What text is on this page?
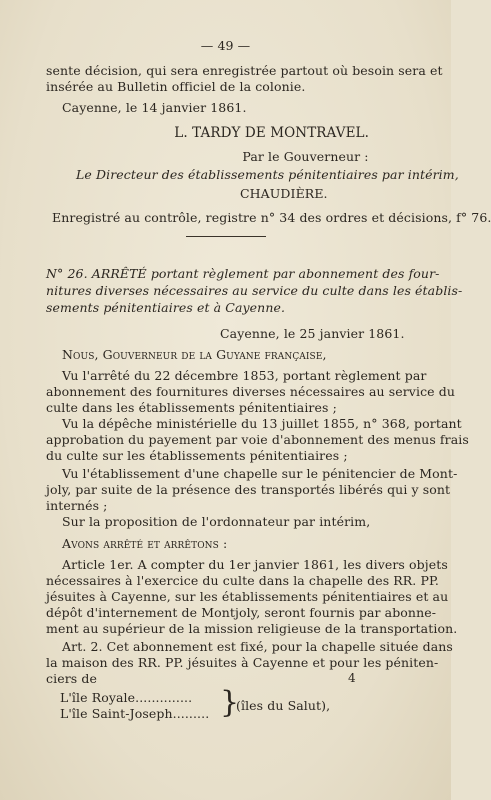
— 49 —
sente décision, qui sera enregistrée partout où besoin sera et
insérée au Bulletin officiel de la colonie.
Cayenne, le 14 janvier 1861.
L. TARDY DE MONTRAVEL.
Par le Gouverneur :
Le Directeur des établissements pénitentiaires par intérim,
CHAUDIÈRE.
Enregistré au contrôle, registre n° 34 des ordres et décisions, f° 76.
N° 26. ARRÊTÉ portant règlement par abonnement des four-
nitures diverses nécessaires au service du culte dans les établis-
sements pénitentiaires et à Cayenne.
Cayenne, le 25 janvier 1861.
Nous, Gouverneur de la Guyane française,
Vu l'arrêté du 22 décembre 1853, portant règlement par
abonnement des fournitures diverses nécessaires au service du
culte dans les établissements pénitentiaires ;
Vu la dépêche ministérielle du 13 juillet 1855, n° 368, portant
approbation du payement par voie d'abonnement des menus frais
du culte sur les établissements pénitentiaires ;
Vu l'établissement d'une chapelle sur le pénitencier de Mont-
joly, par suite de la présence des transportés libérés qui y sont
internés ;
Sur la proposition de l'ordonnateur par intérim,
Avons arrêté et arrêtons :
Article 1er. A compter du 1er janvier 1861, les divers objets
nécessaires à l'exercice du culte dans la chapelle des RR. PP.
jésuites à Cayenne, sur les établissements pénitentiaires et au
dépôt d'internement de Montjoly, seront fournis par abonne-
ment au supérieur de la mission religieuse de la transportation.
Art. 2. Cet abonnement est fixé, pour la chapelle située dans
la maison des RR. PP. jésuites à Cayenne et pour les péniten-
ciers de
L'île Royale..............
L'île Saint-Joseph......... }
(îles du Salut),
4
